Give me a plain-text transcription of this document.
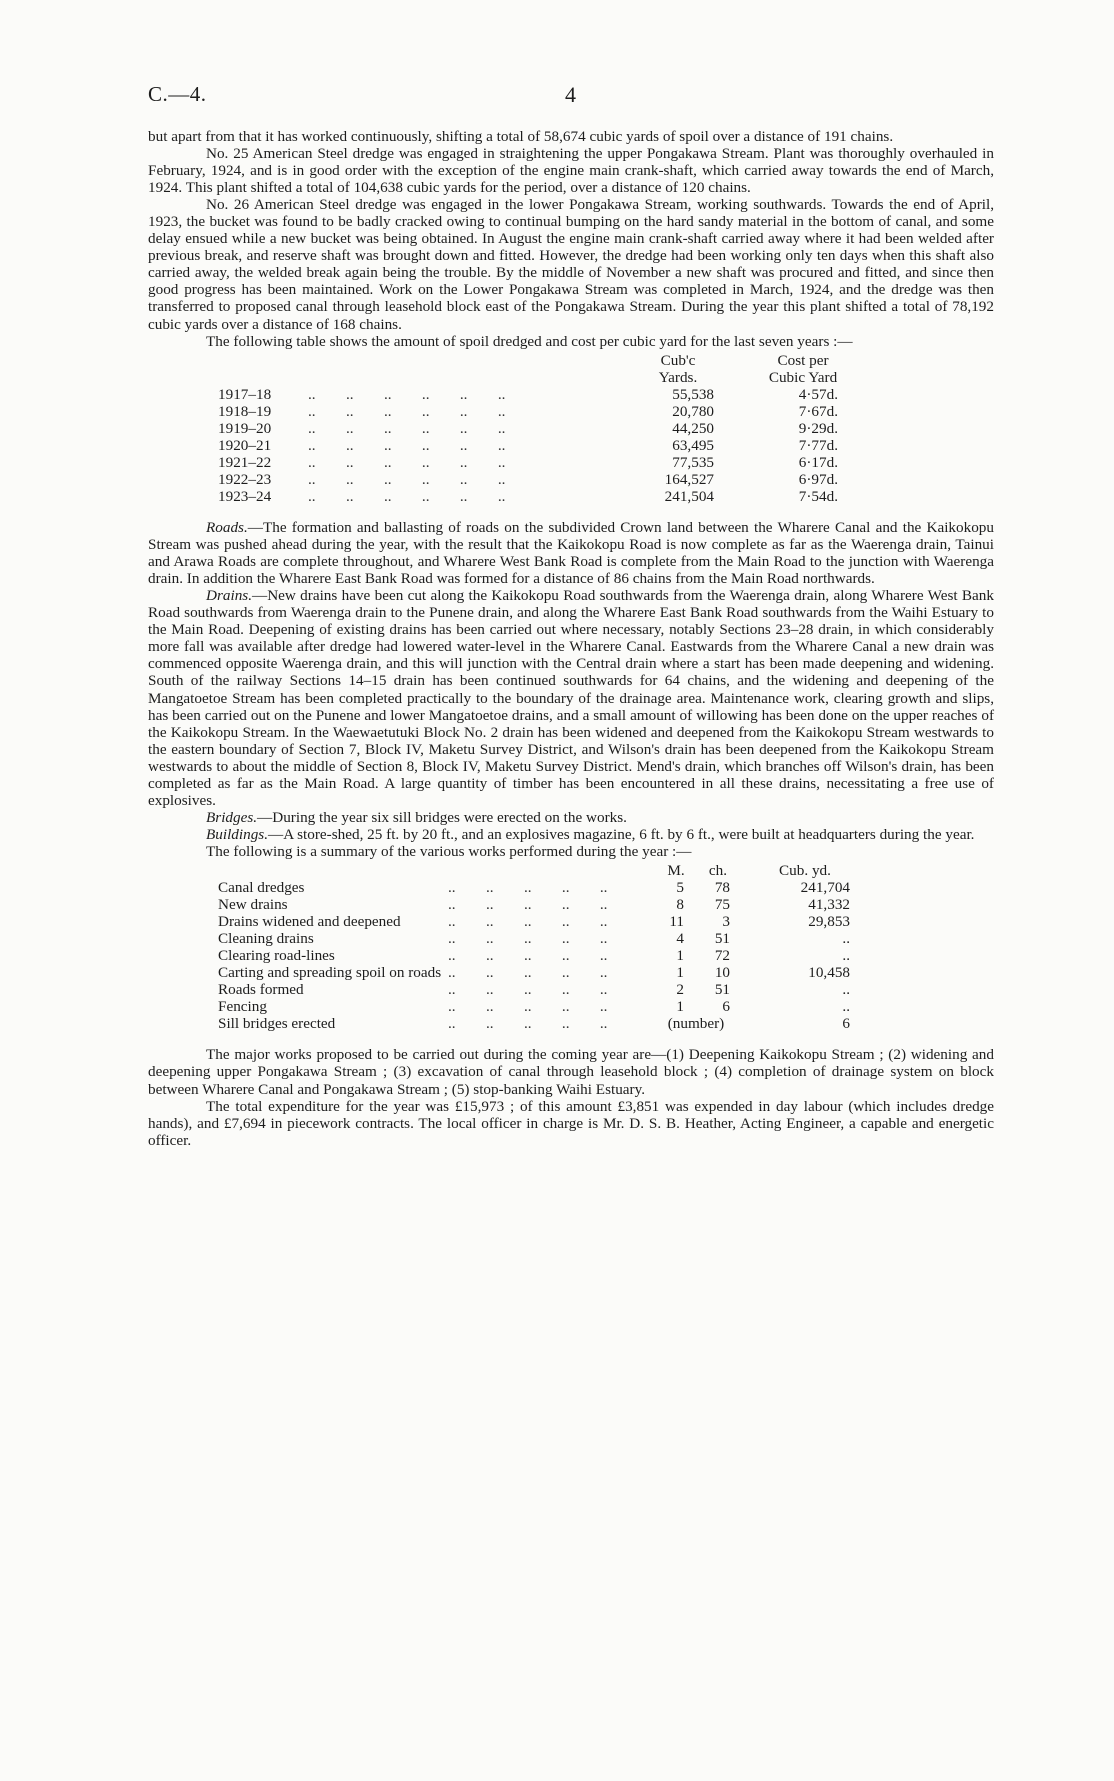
C.—4.	4

but apart from that it has worked continuously, shifting a total of 58,674 cubic yards of spoil over a distance of 191 chains.

No. 25 American Steel dredge was engaged in straightening the upper Pongakawa Stream. Plant was thoroughly overhauled in February, 1924, and is in good order with the exception of the engine main crank-shaft, which carried away towards the end of March, 1924. This plant shifted a total of 104,638 cubic yards for the period, over a distance of 120 chains.

No. 26 American Steel dredge was engaged in the lower Pongakawa Stream, working southwards. Towards the end of April, 1923, the bucket was found to be badly cracked owing to continual bumping on the hard sandy material in the bottom of canal, and some delay ensued while a new bucket was being obtained. In August the engine main crank-shaft carried away where it had been welded after previous break, and reserve shaft was brought down and fitted. However, the dredge had been working only ten days when this shaft also carried away, the welded break again being the trouble. By the middle of November a new shaft was procured and fitted, and since then good progress has been maintained. Work on the Lower Pongakawa Stream was completed in March, 1924, and the dredge was then transferred to proposed canal through leasehold block east of the Pongakawa Stream. During the year this plant shifted a total of 78,192 cubic yards over a distance of 168 chains.

The following table shows the amount of spoil dredged and cost per cubic yard for the last seven years :—

Cub'c	Cost per
Yards.	Cubic Yard
1917–18 ..        ..        ..        ..        ..        ..	55,538	4·57d.
1918–19 ..        ..        ..        ..        ..        ..	20,780	7·67d.
1919–20 ..        ..        ..        ..        ..        ..	44,250	9·29d.
1920–21 ..        ..        ..        ..        ..        ..	63,495	7·77d.
1921–22 ..        ..        ..        ..        ..        ..	77,535	6·17d.
1922–23 ..        ..        ..        ..        ..        ..	164,527	6·97d.
1923–24 ..        ..        ..        ..        ..        ..	241,504	7·54d.

Roads.—The formation and ballasting of roads on the subdivided Crown land between the Wharere Canal and the Kaikokopu Stream was pushed ahead during the year, with the result that the Kaikokopu Road is now complete as far as the Waerenga drain, Tainui and Arawa Roads are complete throughout, and Wharere West Bank Road is complete from the Main Road to the junction with Waerenga drain. In addition the Wharere East Bank Road was formed for a distance of 86 chains from the Main Road northwards.

Drains.—New drains have been cut along the Kaikokopu Road southwards from the Waerenga drain, along Wharere West Bank Road southwards from Waerenga drain to the Punene drain, and along the Wharere East Bank Road southwards from the Waihi Estuary to the Main Road. Deepening of existing drains has been carried out where necessary, notably Sections 23–28 drain, in which considerably more fall was available after dredge had lowered water-level in the Wharere Canal. Eastwards from the Wharere Canal a new drain was commenced opposite Waerenga drain, and this will junction with the Central drain where a start has been made deepening and widening. South of the railway Sections 14–15 drain has been continued southwards for 64 chains, and the widening and deepening of the Mangatoetoe Stream has been completed practically to the boundary of the drainage area. Maintenance work, clearing growth and slips, has been carried out on the Punene and lower Mangatoetoe drains, and a small amount of willowing has been done on the upper reaches of the Kaikokopu Stream. In the Waewaetutuki Block No. 2 drain has been widened and deepened from the Kaikokopu Stream westwards to the eastern boundary of Section 7, Block IV, Maketu Survey District, and Wilson's drain has been deepened from the Kaikokopu Stream westwards to about the middle of Section 8, Block IV, Maketu Survey District. Mend's drain, which branches off Wilson's drain, has been completed as far as the Main Road. A large quantity of timber has been encountered in all these drains, necessitating a free use of explosives.

Bridges.—During the year six sill bridges were erected on the works.

Buildings.—A store-shed, 25 ft. by 20 ft., and an explosives magazine, 6 ft. by 6 ft., were built at headquarters during the year.

The following is a summary of the various works performed during the year :—

M.	ch.	Cub. yd.
Canal dredges	..        ..        ..        ..        ..	5	78	241,704
New drains	..        ..        ..        ..        ..	8	75	41,332
Drains widened and deepened	..        ..        ..        ..        ..	11	3	29,853
Cleaning drains	..        ..        ..        ..        ..	4	51	..
Clearing road-lines	..        ..        ..        ..        ..	1	72	..
Carting and spreading spoil on roads ..        ..        ..        ..        ..	1	10	10,458
Roads formed	..        ..        ..        ..        ..	2	51	..
Fencing	..        ..        ..        ..        ..	1	6	..
Sill bridges erected	..        ..        ..        ..        ..	(number)	6

The major works proposed to be carried out during the coming year are—(1) Deepening Kaikokopu Stream ; (2) widening and deepening upper Pongakawa Stream ; (3) excavation of canal through leasehold block ; (4) completion of drainage system on block between Wharere Canal and Pongakawa Stream ; (5) stop-banking Waihi Estuary.

The total expenditure for the year was £15,973 ; of this amount £3,851 was expended in day labour (which includes dredge hands), and £7,694 in piecework contracts. The local officer in charge is Mr. D. S. B. Heather, Acting Engineer, a capable and energetic officer.
